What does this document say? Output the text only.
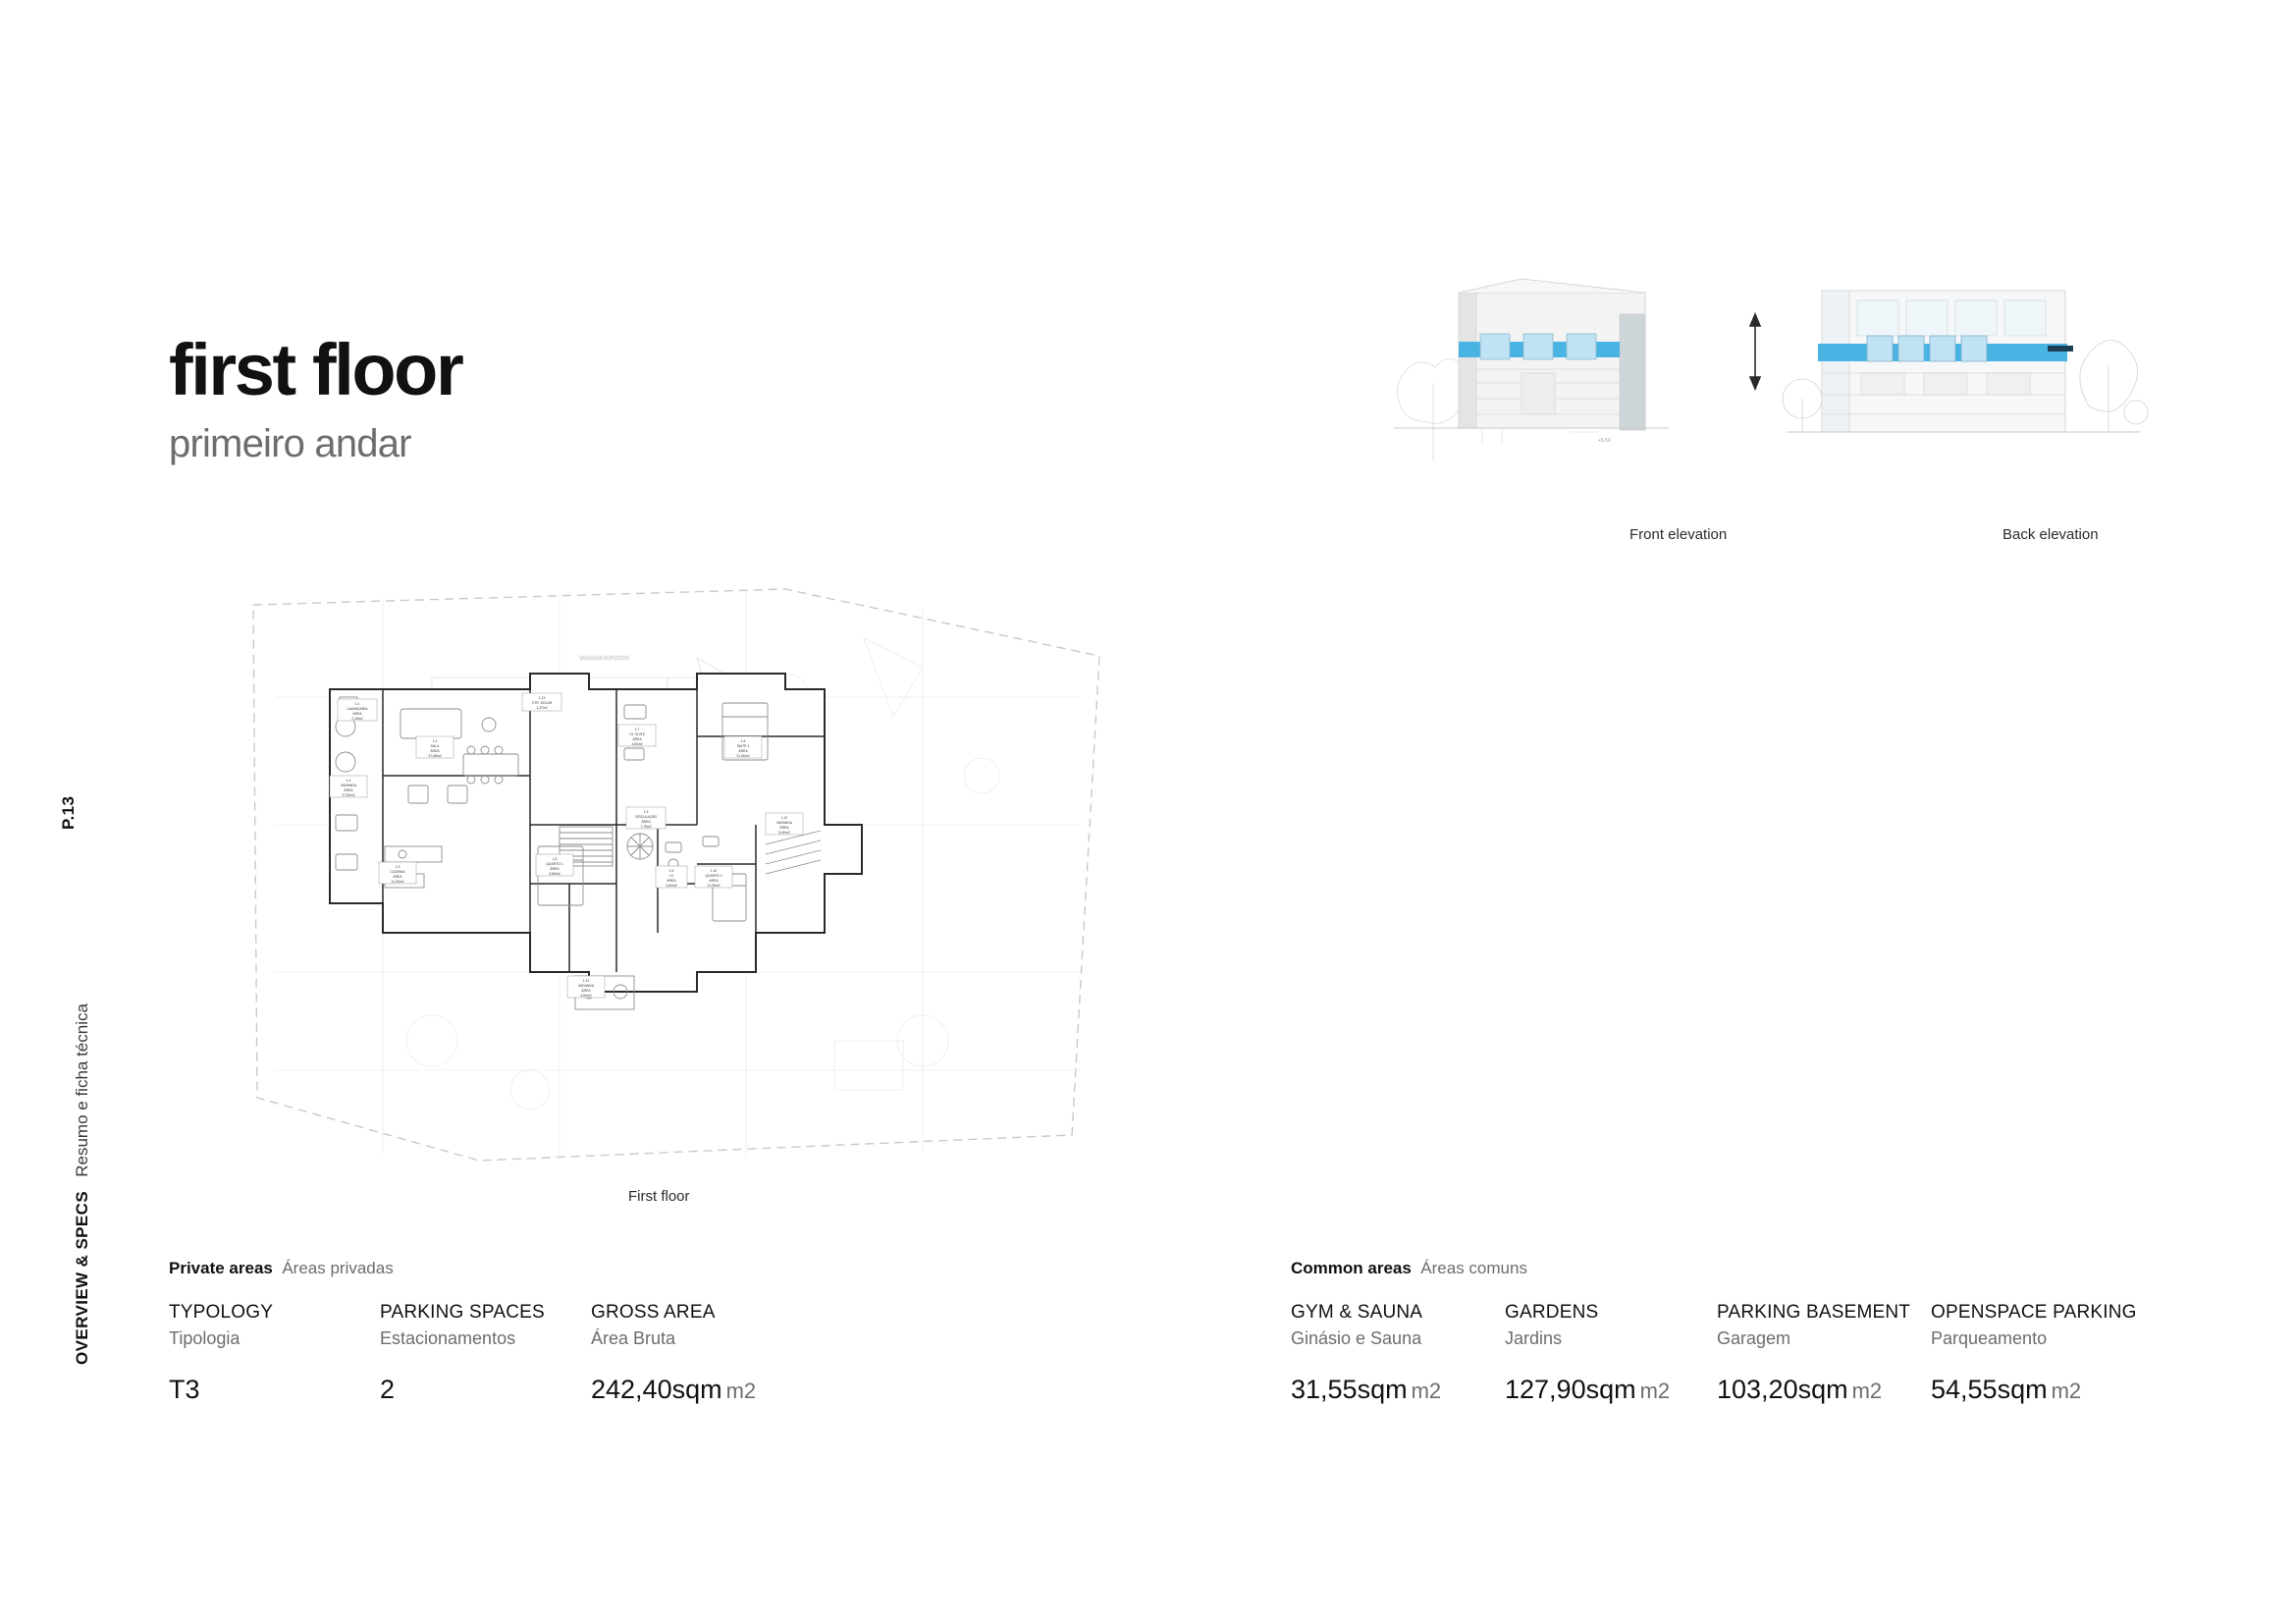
P.13
OVERVIEW & SPECS   Resumo e ficha técnica
first floor
primeiro andar	+5.50
Front elevation	Back elevation
VARANDA SUPERIOR
1.1
LAVANDARIA
ÁREA
2,15m2
1.2
SALA
ÁREA
37,55m2
1.3
COZINHA
ÁREA
11,00m2
1.4
VARANDA
ÁREA
27,80m2
1.5
CIRCULAÇÃO
ÁREA
7,75m2
1.6
SUITE 1
ÁREA
21,50m2
1.7
I.S. SUITE
ÁREA
4,90m2
1.8
QUARTO 1
ÁREA
9,85m2
1.9
I.S.
ÁREA
3,60m2
1.10
QUARTO 2
ÁREA
11,95m2
1.11
VARANDA
ÁREA
4,50m2
1.12
VARANDA
ÁREA
5,40m2
1.13
CTR. SOLAR
1,27m2
First floor
Private areas Áreas privadas
TYPOLOGY
Tipologia
T3
PARKING SPACES
Estacionamentos
2
GROSS AREA
Área Bruta
242,40sqm m2
Common areas Áreas comuns
GYM & SAUNA
Ginásio e Sauna
31,55sqm m2
GARDENS
Jardins
127,90sqm m2
PARKING BASEMENT
Garagem
103,20sqm m2
OPENSPACE PARKING
Parqueamento
54,55sqm m2
